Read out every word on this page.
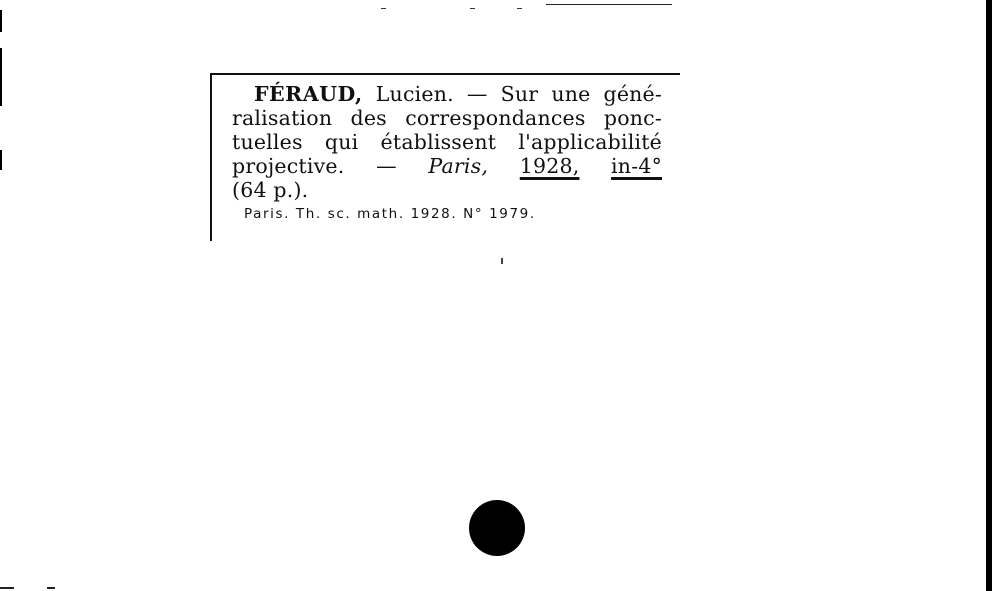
FÉRAUD, Lucien. — Sur une géné-
ralisation des correspondances ponc-
tuelles qui établissent l'applicabilité
projective. — Paris, 1928, in-4°
(64 p.).
Paris. Th. sc. math. 1928. N° 1979.
